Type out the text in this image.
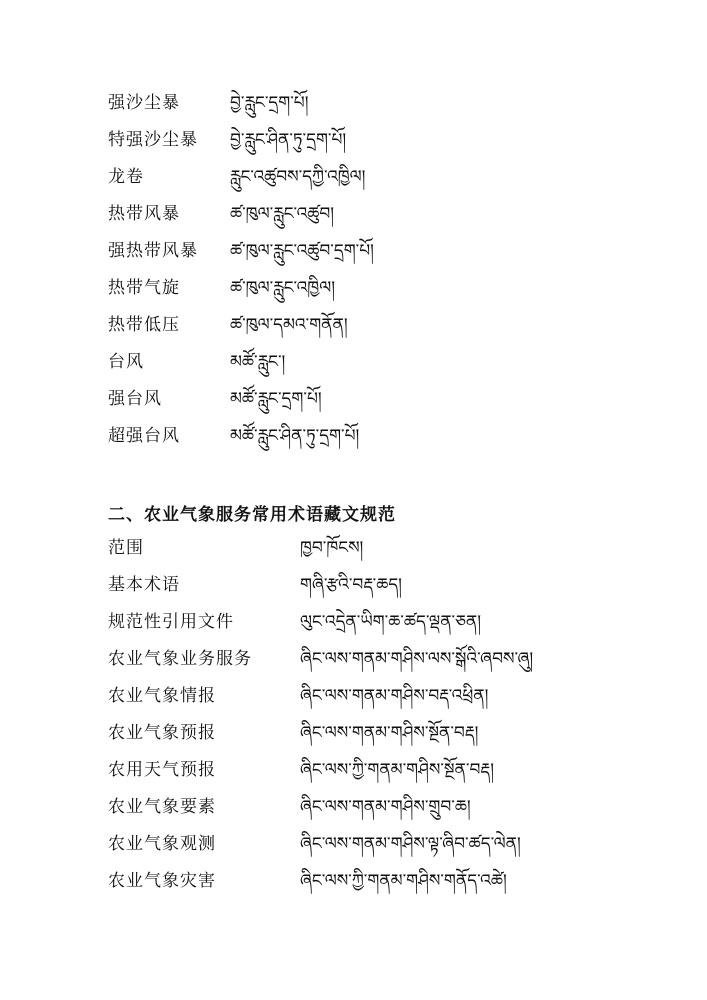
强沙尘暴	བྱེ་རླུང་དྲག་པོ།
特强沙尘暴 བྱེ་རླུང་ཤིན་ཏུ་དྲག་པོ།
龙卷	རླུང་འཚུབས་དཀྱི་འཁྱིལ།
热带风暴	ཚ་ཁུལ་རླུང་འཚུབ།
强热带风暴 ཚ་ཁུལ་རླུང་འཚུབ་དྲག་པོ།
热带气旋	ཚ་ཁུལ་རླུང་འཁྱིལ།
热带低压	ཚ་ཁུལ་དམའ་གནོན།
台风	མཚོ་རླུང་།
强台风	མཚོ་རླུང་དྲག་པོ།
超强台风	མཚོ་རླུང་ཤིན་ཏུ་དྲག་པོ།
二、农业气象服务常用术语藏文规范
范围	ཁྱབ་ཁོངས།
基本术语	གཞི་རྩའི་བརྡ་ཆད།
规范性引用文件	ལུང་འདྲེན་ཡིག་ཆ་ཚད་ལྡན་ཅན།
农业气象业务服务	ཞིང་ལས་གནམ་གཤིས་ལས་སྒོའི་ཞབས་ཞུ།
农业气象情报	ཞིང་ལས་གནམ་གཤིས་བརྡ་འཕྲིན།
农业气象预报	ཞིང་ལས་གནམ་གཤིས་སྔོན་བརྡ།
农用天气预报	ཞིང་ལས་ཀྱི་གནམ་གཤིས་སྔོན་བརྡ།
农业气象要素	ཞིང་ལས་གནམ་གཤིས་གྲུབ་ཆ།
农业气象观测	ཞིང་ལས་གནམ་གཤིས་ལྟ་ཞིབ་ཚད་ལེན།
农业气象灾害	ཞིང་ལས་ཀྱི་གནམ་གཤིས་གནོད་འཚེ།
